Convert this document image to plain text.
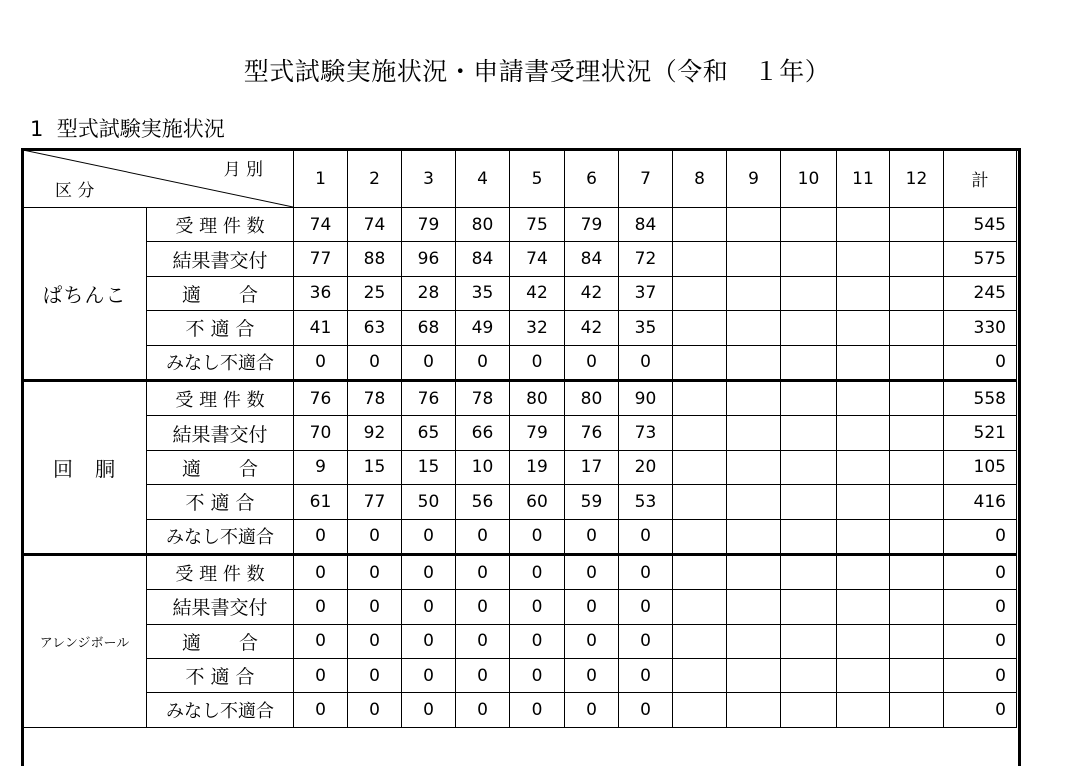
型式試験実施状況・申請書受理状況（令和　１年）
1  型式試験実施状況
月 別
区 分		1	2	3	4	5	6	7	8	9	10	11	12	計
ぱちんこ	受 理 件 数	74	74	79	80	75	79	84						545
	結果書交付	77	88	96	84	74	84	72						575
	適　　合	36	25	28	35	42	42	37						245
	不 適 合	41	63	68	49	32	42	35						330
	みなし不適合	0	0	0	0	0	0	0						0
回　胴	受 理 件 数	76	78	76	78	80	80	90						558
	結果書交付	70	92	65	66	79	76	73						521
	適　　合	9	15	15	10	19	17	20						105
	不 適 合	61	77	50	56	60	59	53						416
	みなし不適合	0	0	0	0	0	0	0						0
アレンジボール	受 理 件 数	0	0	0	0	0	0	0						0
	結果書交付	0	0	0	0	0	0	0						0
	適　　合	0	0	0	0	0	0	0						0
	不 適 合	0	0	0	0	0	0	0						0
	みなし不適合	0	0	0	0	0	0	0						0
